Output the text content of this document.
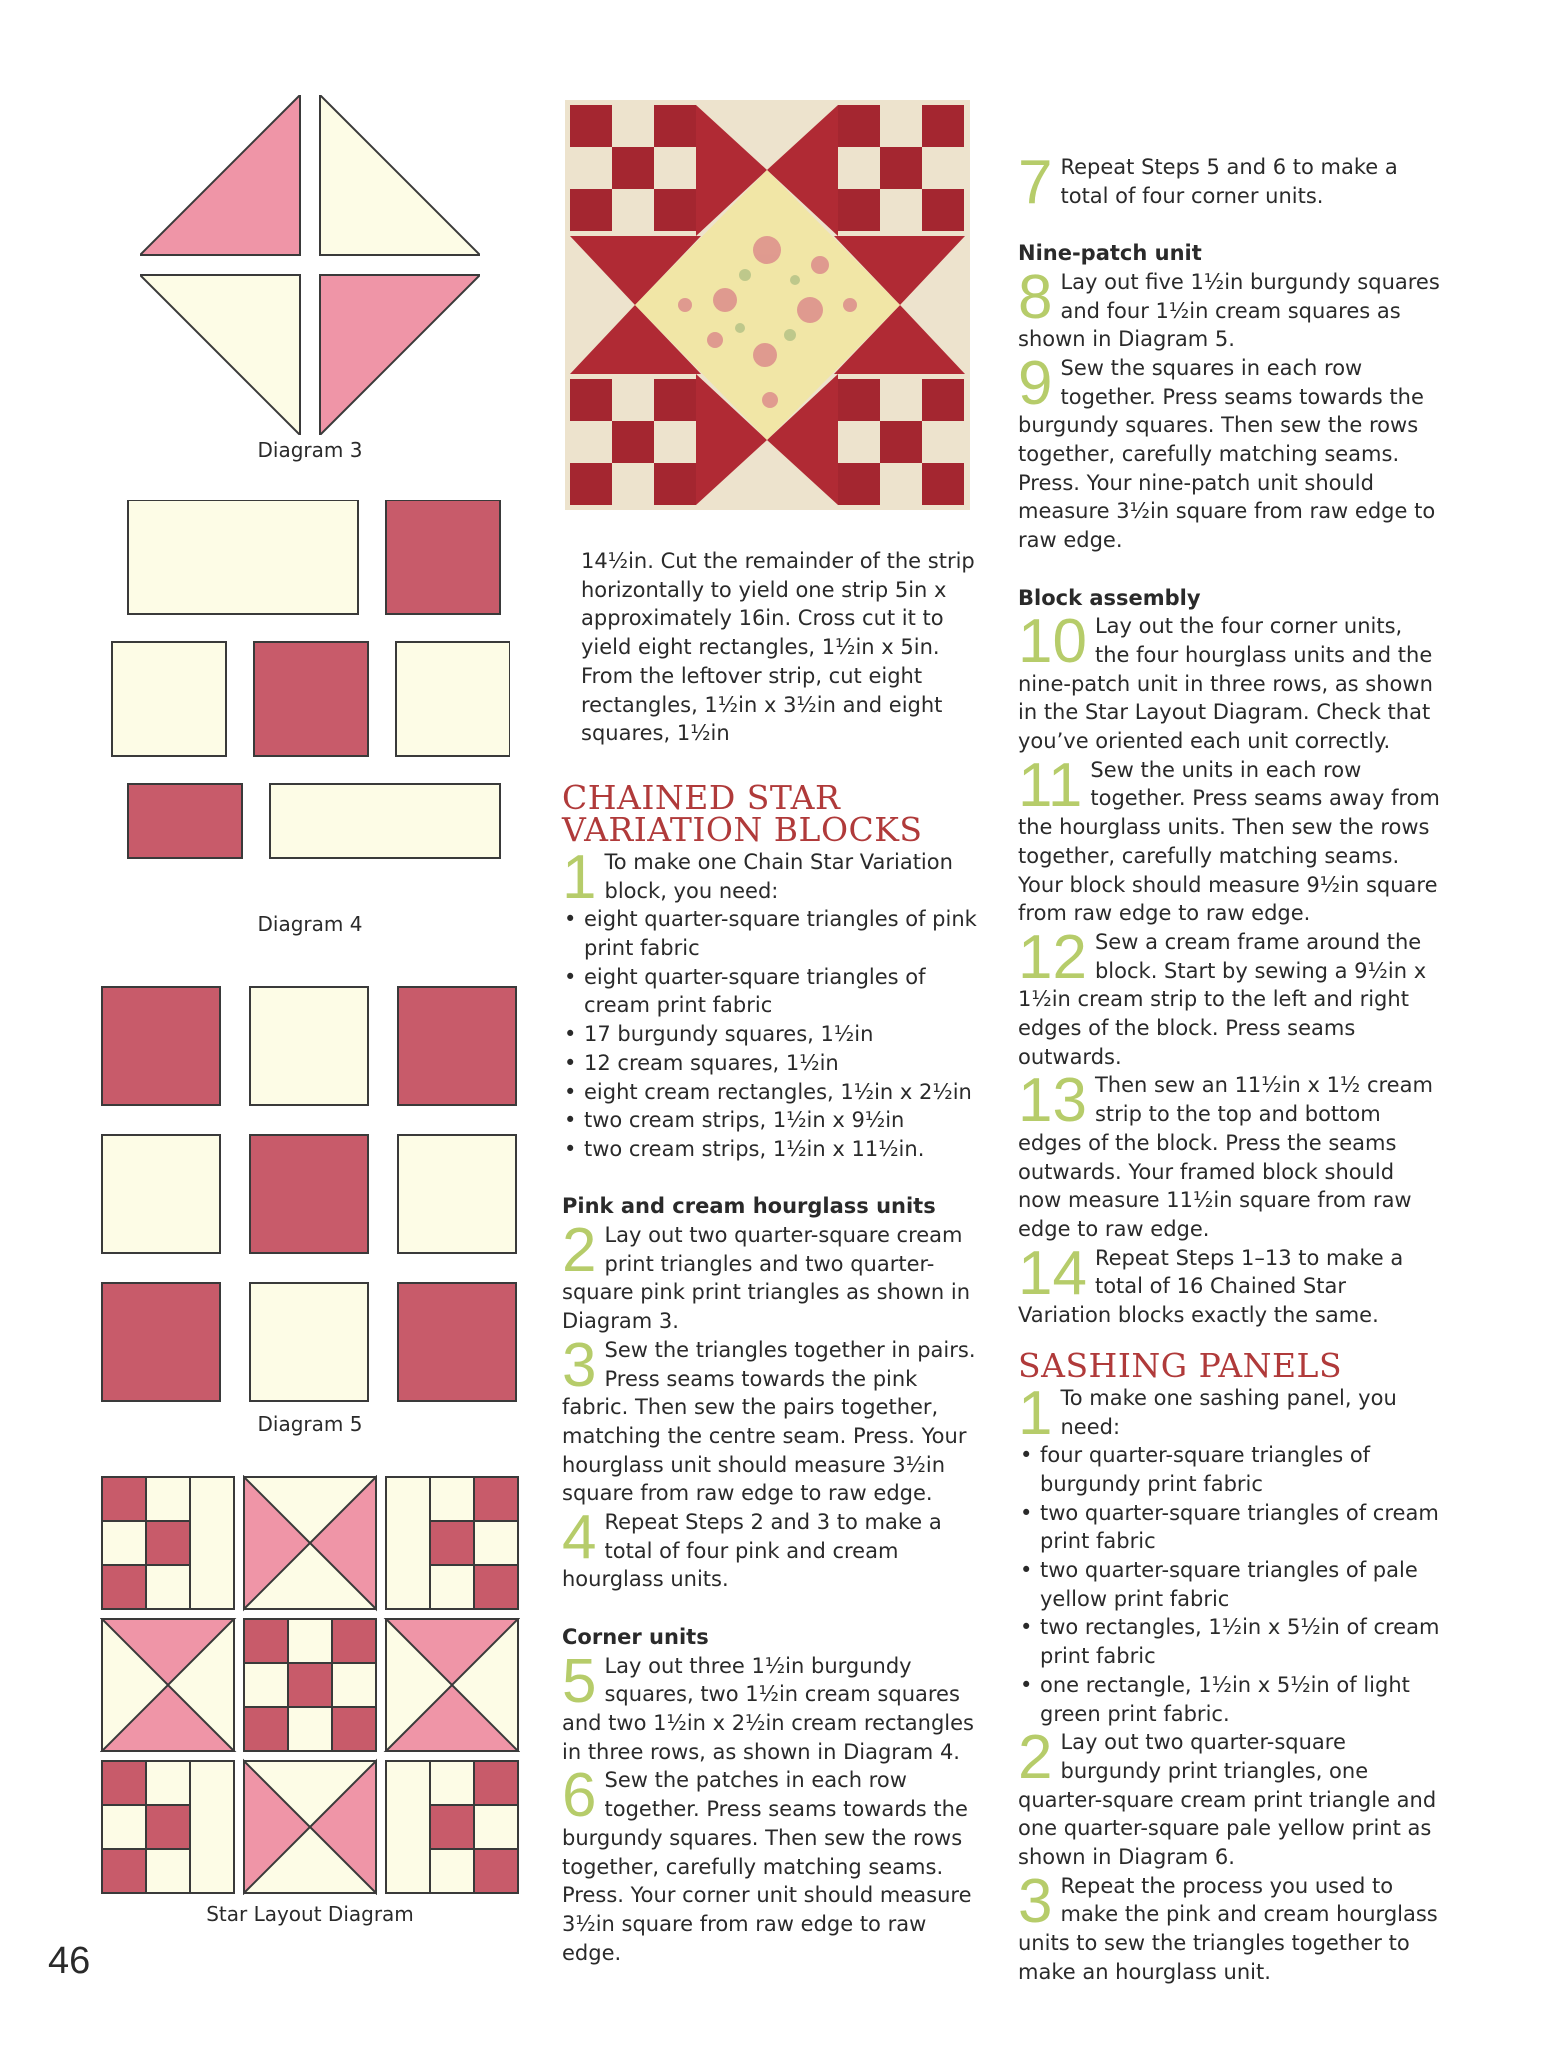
Diagram 3
Diagram 4
Diagram 5
Star Layout Diagram

14½in. Cut the remainder of the strip horizontally to yield one strip 5in x approximately 16in. Cross cut it to yield eight rectangles, 1½in x 5in. From the leftover strip, cut eight rectangles, 1½in x 3½in and eight squares, 1½in

CHAINED STAR
VARIATION BLOCKS
1 To make one Chain Star Variation block, you need:
• eight quarter-square triangles of pink print fabric
• eight quarter-square triangles of cream print fabric
• 17 burgundy squares, 1½in
• 12 cream squares, 1½in
• eight cream rectangles, 1½in x 2½in
• two cream strips, 1½in x 9½in
• two cream strips, 1½in x 11½in.

Pink and cream hourglass units

2 Lay out two quarter-square cream print triangles and two quarter-square pink print triangles as shown in Diagram 3.
3 Sew the triangles together in pairs. Press seams towards the pink fabric. Then sew the pairs together, matching the centre seam. Press. Your hourglass unit should measure 3½in square from raw edge to raw edge.
4 Repeat Steps 2 and 3 to make a total of four pink and cream hourglass units.

Corner units

5 Lay out three 1½in burgundy squares, two 1½in cream squares and two 1½in x 2½in cream rectangles in three rows, as shown in Diagram 4.
6 Sew the patches in each row together. Press seams towards the burgundy squares. Then sew the rows together, carefully matching seams. Press. Your corner unit should measure 3½in square from raw edge to raw edge.
7 Repeat Steps 5 and 6 to make a total of four corner units.

Nine-patch unit

8 Lay out five 1½in burgundy squares and four 1½in cream squares as shown in Diagram 5.
9 Sew the squares in each row together. Press seams towards the burgundy squares. Then sew the rows together, carefully matching seams. Press. Your nine-patch unit should measure 3½in square from raw edge to raw edge.

Block assembly

10 Lay out the four corner units, the four hourglass units and the nine-patch unit in three rows, as shown in the Star Layout Diagram. Check that you’ve oriented each unit correctly.
11 Sew the units in each row together. Press seams away from the hourglass units. Then sew the rows together, carefully matching seams. Your block should measure 9½in square from raw edge to raw edge.
12 Sew a cream frame around the block. Start by sewing a 9½in x 1½in cream strip to the left and right edges of the block. Press seams outwards.
13 Then sew an 11½in x 1½ cream strip to the top and bottom edges of the block. Press the seams outwards. Your framed block should now measure 11½in square from raw edge to raw edge.
14 Repeat Steps 1–13 to make a total of 16 Chained Star Variation blocks exactly the same.
SASHING PANELS
1 To make one sashing panel, you need:
• four quarter-square triangles of burgundy print fabric
• two quarter-square triangles of cream print fabric
• two quarter-square triangles of pale yellow print fabric
• two rectangles, 1½in x 5½in of cream print fabric
• one rectangle, 1½in x 5½in of light green print fabric.
2 Lay out two quarter-square burgundy print triangles, one quarter-square cream print triangle and one quarter-square pale yellow print as shown in Diagram 6.
3 Repeat the process you used to make the pink and cream hourglass units to sew the triangles together to make an hourglass unit.
46
